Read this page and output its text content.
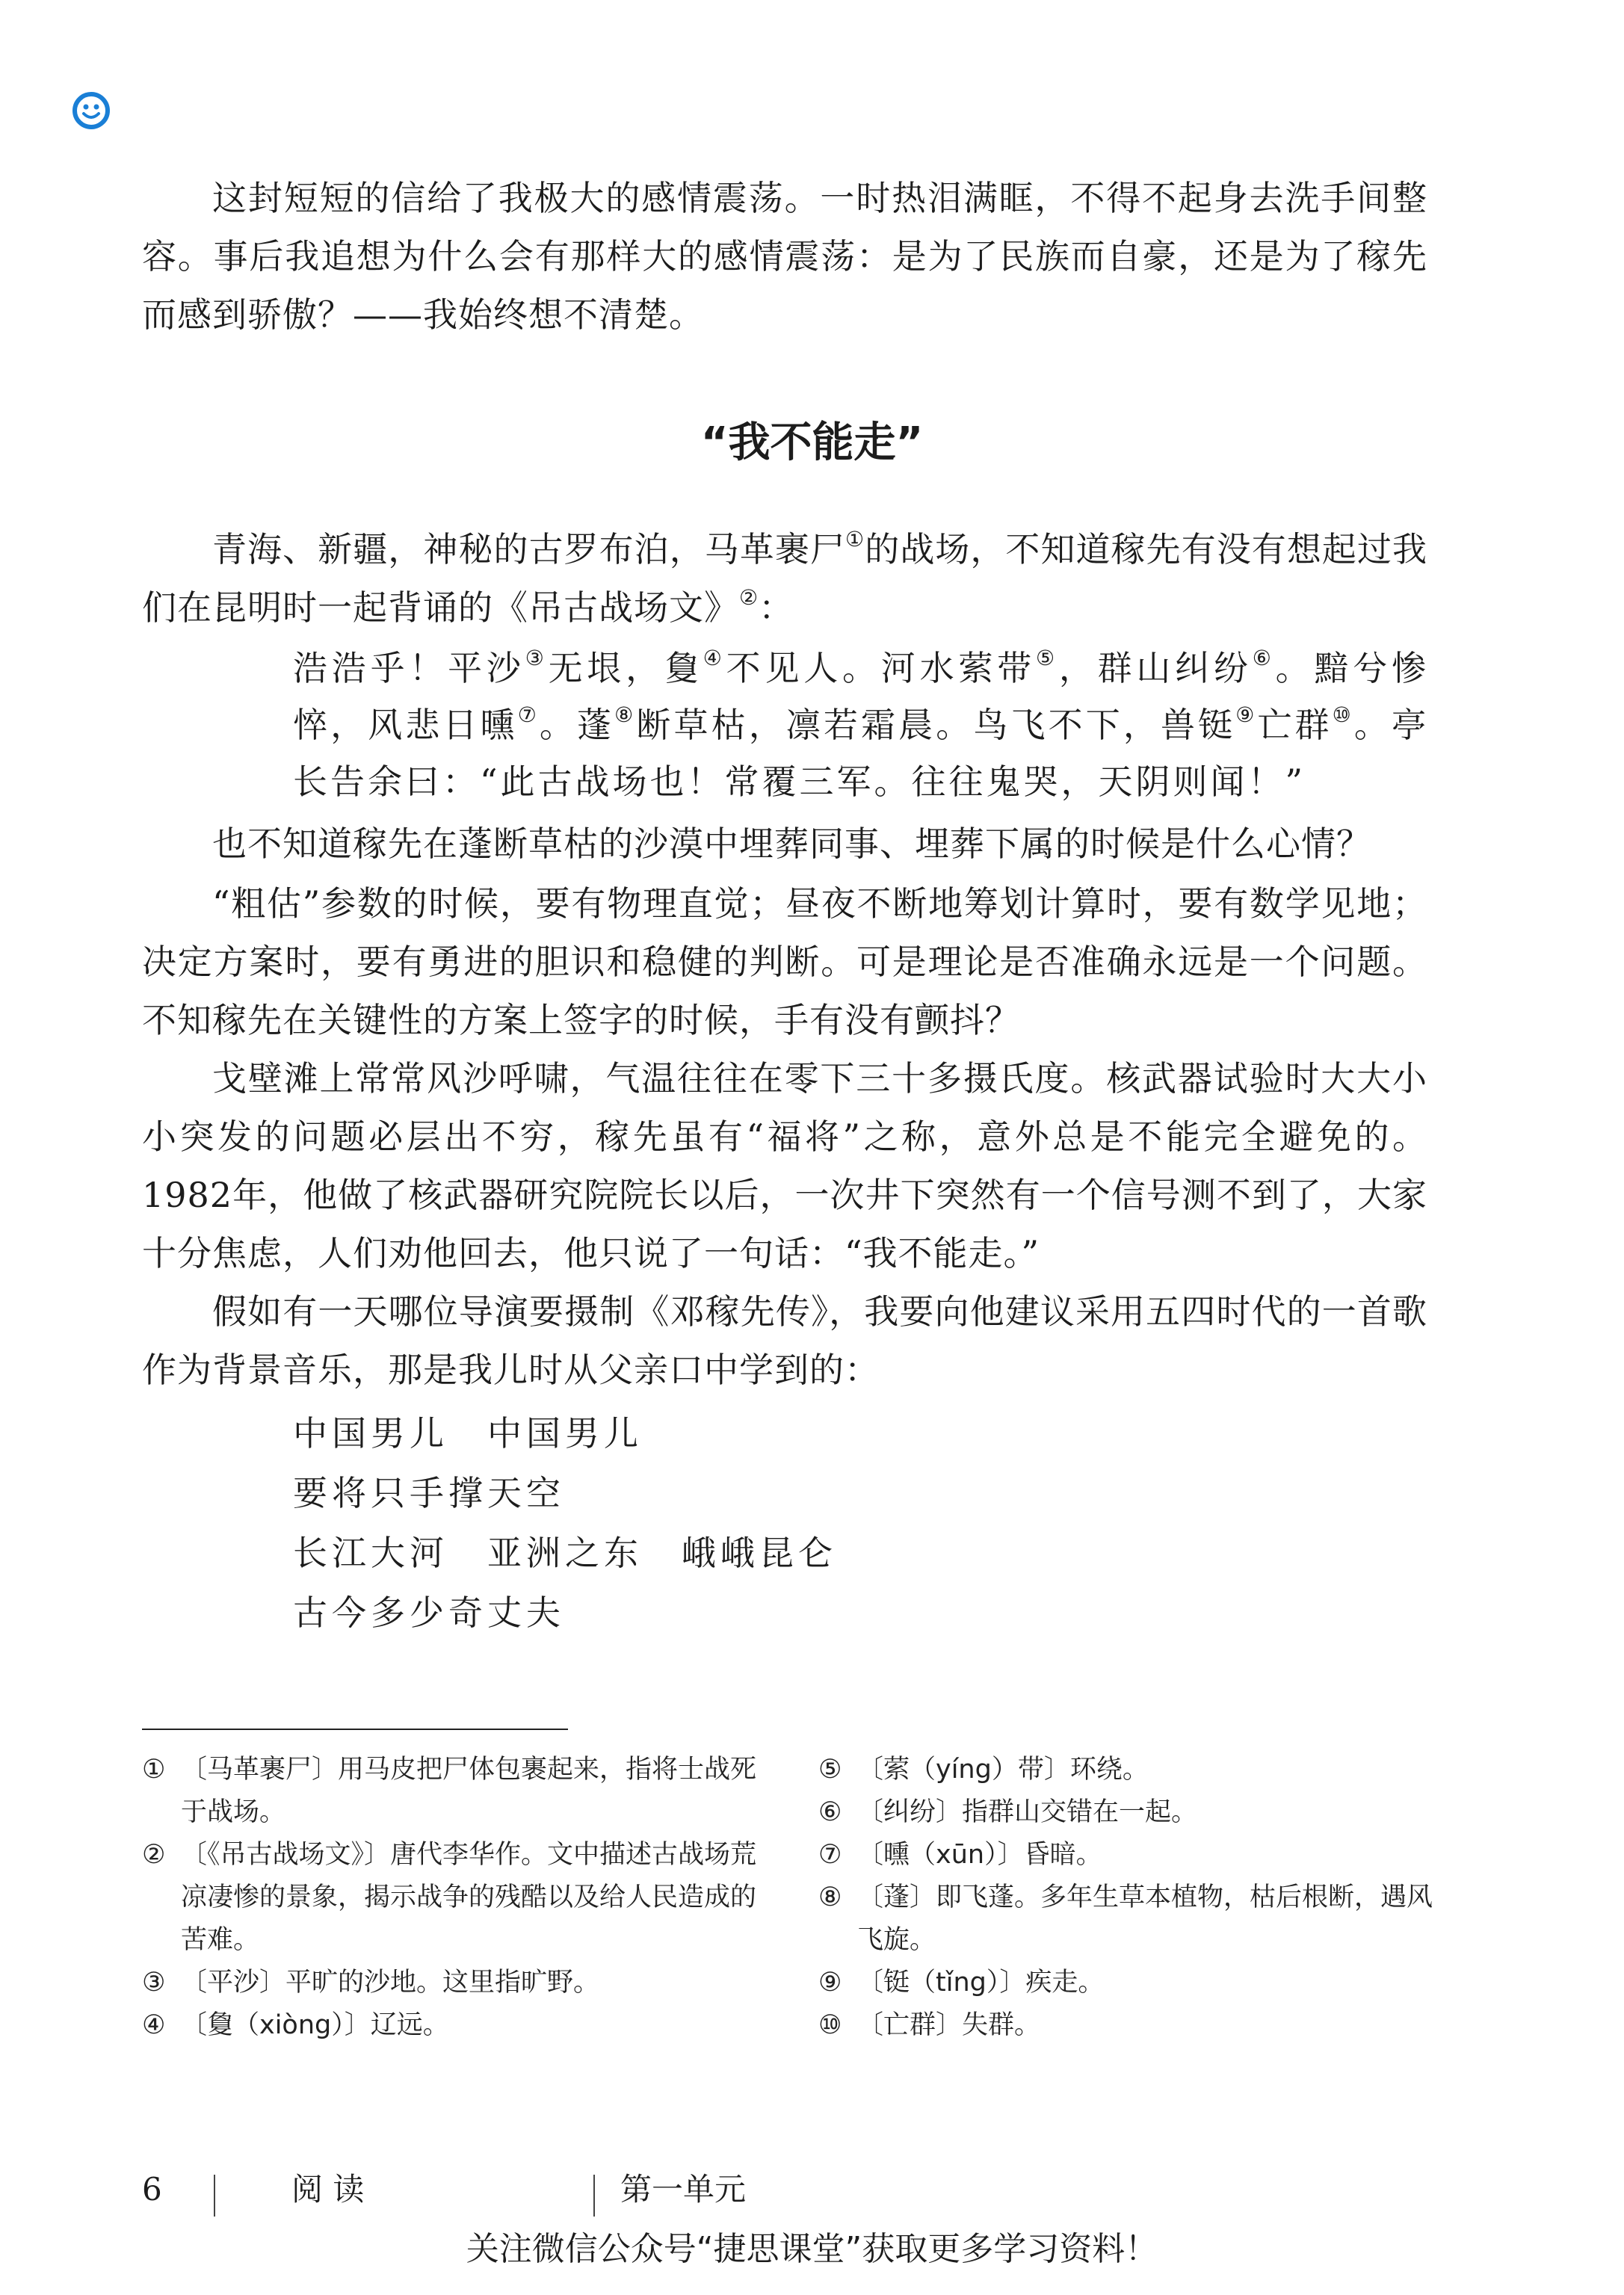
这封短短的信给了我极大的感情震荡。一时热泪满眶，不得不起身去洗手间整容。事后我追想为什么会有那样大的感情震荡：是为了民族而自豪，还是为了稼先而感到骄傲？——我始终想不清楚。

“我不能走”

青海、新疆，神秘的古罗布泊，马革裹尸①的战场，不知道稼先有没有想起过我们在昆明时一起背诵的《吊古战场文》②：

浩浩乎！平沙③无垠，敻④不见人。河水萦带⑤，群山纠纷⑥。黯兮惨悴，风悲日曛⑦。蓬⑧断草枯，凛若霜晨。鸟飞不下，兽铤⑨亡群⑩。亭长告余曰：“此古战场也！常覆三军。往往鬼哭，天阴则闻！”

也不知道稼先在蓬断草枯的沙漠中埋葬同事、埋葬下属的时候是什么心情？

“粗估”参数的时候，要有物理直觉；昼夜不断地筹划计算时，要有数学见地；决定方案时，要有勇进的胆识和稳健的判断。可是理论是否准确永远是一个问题。不知稼先在关键性的方案上签字的时候，手有没有颤抖？

戈壁滩上常常风沙呼啸，气温往往在零下三十多摄氏度。核武器试验时大大小小突发的问题必层出不穷，稼先虽有“福将”之称，意外总是不能完全避免的。1982年，他做了核武器研究院院长以后，一次井下突然有一个信号测不到了，大家十分焦虑，人们劝他回去，他只说了一句话：“我不能走。”

假如有一天哪位导演要摄制《邓稼先传》，我要向他建议采用五四时代的一首歌作为背景音乐，那是我儿时从父亲口中学到的：

中国男儿　中国男儿
要将只手撑天空
长江大河　亚洲之东　峨峨昆仑
古今多少奇丈夫

① 〔马革裹尸〕用马皮把尸体包裹起来，指将士战死于战场。

② 〔《吊古战场文》〕唐代李华作。文中描述古战场荒凉凄惨的景象，揭示战争的残酷以及给人民造成的苦难。

③ 〔平沙〕平旷的沙地。这里指旷野。

④ 〔敻（xiòng）〕辽远。

⑤ 〔萦（yíng）带〕环绕。

⑥ 〔纠纷〕指群山交错在一起。

⑦ 〔曛（xūn）〕昏暗。

⑧ 〔蓬〕即飞蓬。多年生草本植物，枯后根断，遇风飞旋。

⑨ 〔铤（tǐng）〕疾走。

⑩ 〔亡群〕失群。

6	阅 读	第一单元
关注微信公众号“捷思课堂”获取更多学习资料！
